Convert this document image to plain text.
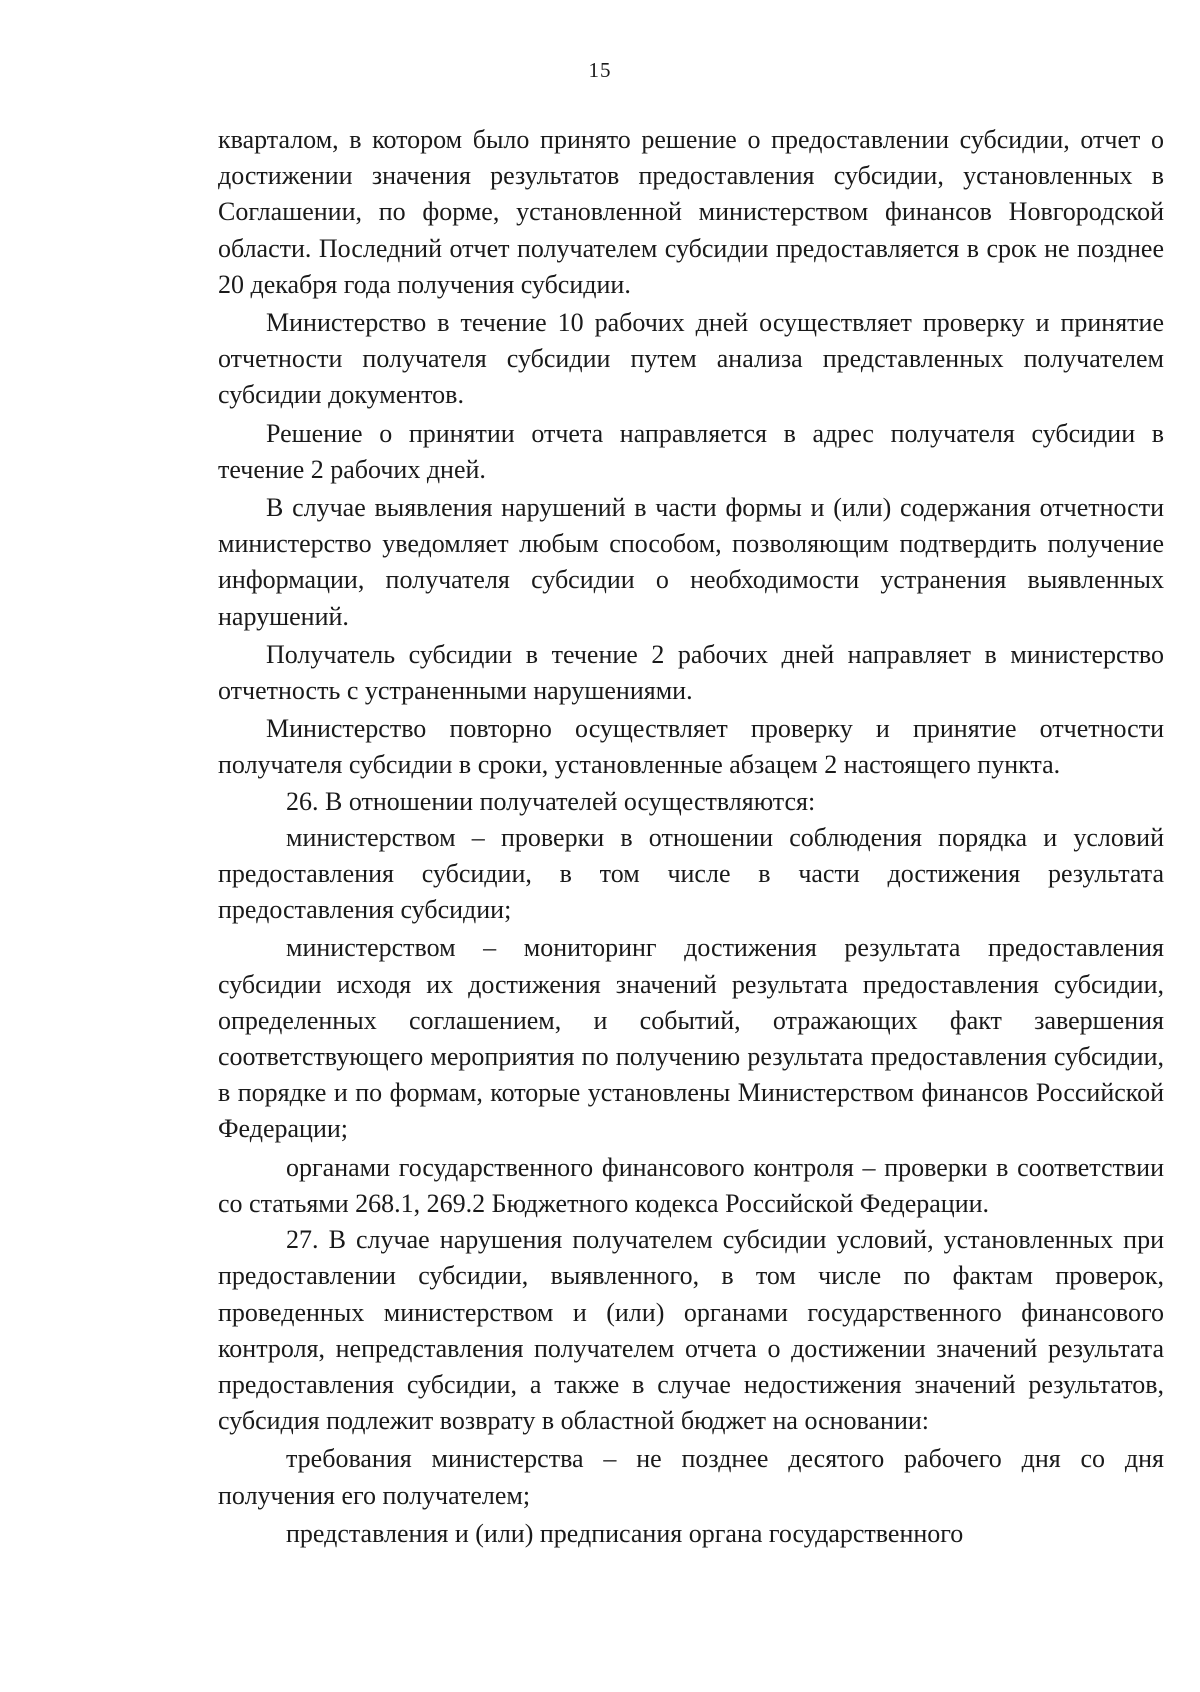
15

кварталом, в котором было принято решение о предоставлении субсидии, отчет о достижении значения результатов предоставления субсидии, установленных в Соглашении, по форме, установленной министерством финансов Новгородской области. Последний отчет получателем субсидии предоставляется в срок не позднее 20 декабря года получения субсидии.

Министерство в течение 10 рабочих дней осуществляет проверку и принятие отчетности получателя субсидии путем анализа представленных получателем субсидии документов.

Решение о принятии отчета направляется в адрес получателя субсидии в течение 2 рабочих дней.

В случае выявления нарушений в части формы и (или) содержания отчетности министерство уведомляет любым способом, позволяющим подтвердить получение информации, получателя субсидии о необходимости устранения выявленных нарушений.

Получатель субсидии в течение 2 рабочих дней направляет в министерство отчетность с устраненными нарушениями.

Министерство повторно осуществляет проверку и принятие отчетности получателя субсидии в сроки, установленные абзацем 2 настоящего пункта.

26. В отношении получателей осуществляются:

министерством – проверки в отношении соблюдения порядка и условий предоставления субсидии, в том числе в части достижения результата предоставления субсидии;

министерством – мониторинг достижения результата предоставления субсидии исходя их достижения значений результата предоставления субсидии, определенных соглашением, и событий, отражающих факт завершения соответствующего мероприятия по получению результата предоставления субсидии, в порядке и по формам, которые установлены Министерством финансов Российской Федерации;

органами государственного финансового контроля – проверки в соответствии со статьями 268.1, 269.2 Бюджетного кодекса Российской Федерации.

27. В случае нарушения получателем субсидии условий, установленных при предоставлении субсидии, выявленного, в том числе по фактам проверок, проведенных министерством и (или) органами государственного финансового контроля, непредставления получателем отчета о достижении значений результата предоставления субсидии, а также в случае недостижения значений результатов, субсидия подлежит возврату в областной бюджет на основании:

требования министерства – не позднее десятого рабочего дня со дня получения его получателем;

представления и (или) предписания органа государственного
